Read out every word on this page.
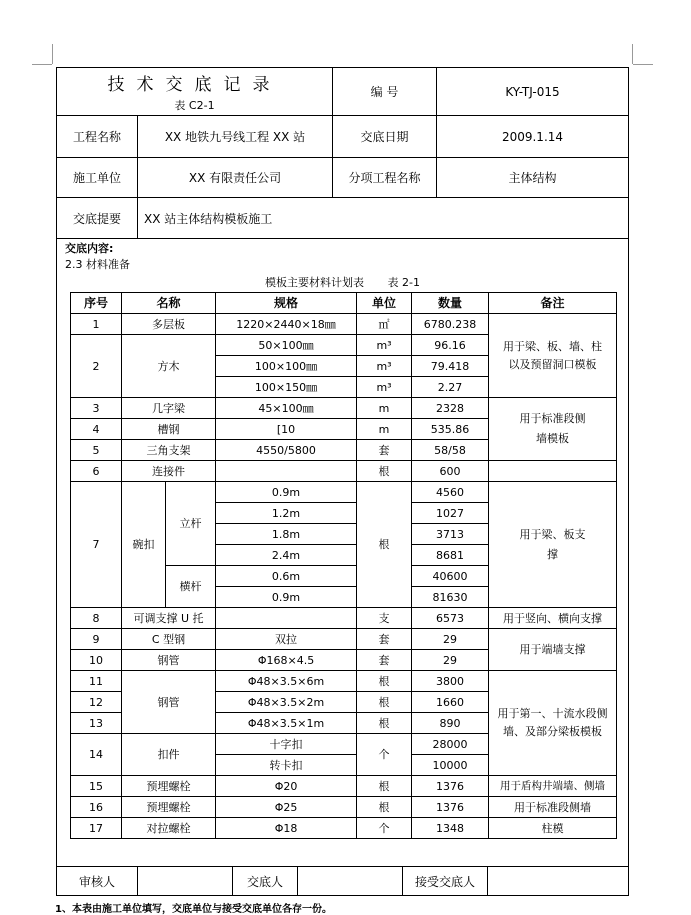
技术交底记录
表 C2-1
编 号	KY-TJ-015
工程名称	XX 地铁九号线工程 XX 站	交底日期	2009.1.14
施工单位	XX 有限责任公司	分项工程名称	主体结构
交底提要	XX 站主体结构模板施工
交底内容:
2.3 材料准备
模板主要材料计划表 表 2-1
序号	名称		规格	单位	数量	备注
1	多层板		1220×2440×18㎜	㎡	6780.238	用于梁、板、墙、柱以及预留洞口模板
2	方木		50×100㎜	m³	96.16	
			100×100㎜	m³	79.418	
			100×150㎜	m³	2.27	
3	几字梁		45×100㎜	m	2328	用于标准段侧墙模板
4	槽钢		[10	m	535.86	
5	三角支架		4550/5800	套	58/58	
6	连接件			根	600	
7	碗扣	立杆	0.9m	根	4560	用于梁、板支撑
			1.2m		1027	
			1.8m		3713	
			2.4m		8681	
		横杆	0.6m		40600	
			0.9m		81630	
8	可调支撑 U 托			支	6573	用于竖向、横向支撑
9	C 型钢		双拉	套	29	用于端墙支撑
10	钢管		Φ168×4.5	套	29	
11	钢管		Φ48×3.5×6m	根	3800	用于第一、十流水段侧墙、及部分梁板模板
12			Φ48×3.5×2m	根	1660	
13			Φ48×3.5×1m	根	890	
14	扣件		十字扣	个	28000	
			转卡扣		10000	
15	预埋螺栓		Φ20	根	1376	用于盾构井端墙、侧墙
16	预埋螺栓		Φ25	根	1376	用于标准段侧墙
17	对拉螺栓		Φ18	个	1348	柱模
审核人	交底人	接受交底人
1、本表由施工单位填写，交底单位与接受交底单位各存一份。
